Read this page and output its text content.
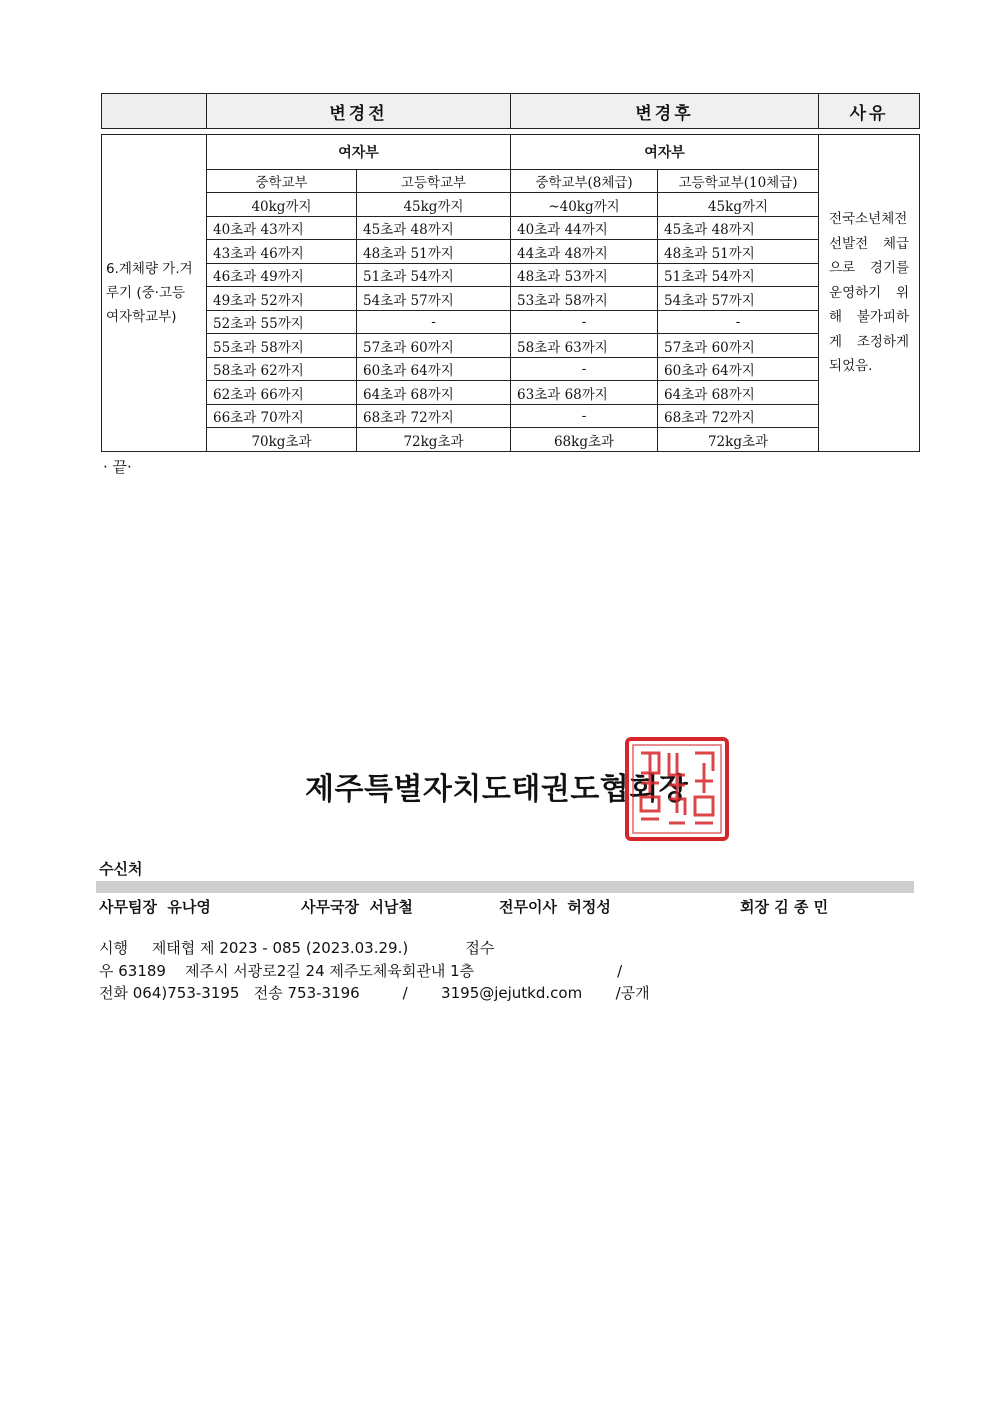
	변경전	변경후	사유
6.계체량 가.겨루기 (중·고등 여자학교부)	여자부		여자부		전국소년체전 선발전 체급으로 경기를 운영하기 위해 불가피하게 조정하게 되었음.
	중학교부	고등학교부	중학교부(8체급)	고등학교부(10체급)	
	40kg까지	45kg까지	~40kg까지	45kg까지	
	40초과 43까지	45초과 48까지	40초과 44까지	45초과 48까지	
	43초과 46까지	48초과 51까지	44초과 48까지	48초과 51까지	
	46초과 49까지	51초과 54까지	48초과 53까지	51초과 54까지	
	49초과 52까지	54초과 57까지	53초과 58까지	54초과 57까지	
	52초과 55까지	-	-	-	
	55초과 58까지	57초과 60까지	58초과 63까지	57초과 60까지	
	58초과 62까지	60초과 64까지	-	60초과 64까지	
	62초과 66까지	64초과 68까지	63초과 68까지	64초과 68까지	
	66초과 70까지	68초과 72까지	-	68초과 72까지	
	70kg초과	72kg초과	68kg초과	72kg초과	
· 끝·
제주특별자치도태권도협회장
수신처
사무팀장 유나영	사무국장 서남철	전무이사 허정성	회장 김 종 민
시행     제태협 제 2023 - 085 (2023.03.29.)            접수
우 63189    제주시 서광로2길 24 제주도체육회관내 1층                              /
전화 064)753-3195   전송 753-3196         /       3195@jejutkd.com       /공개
